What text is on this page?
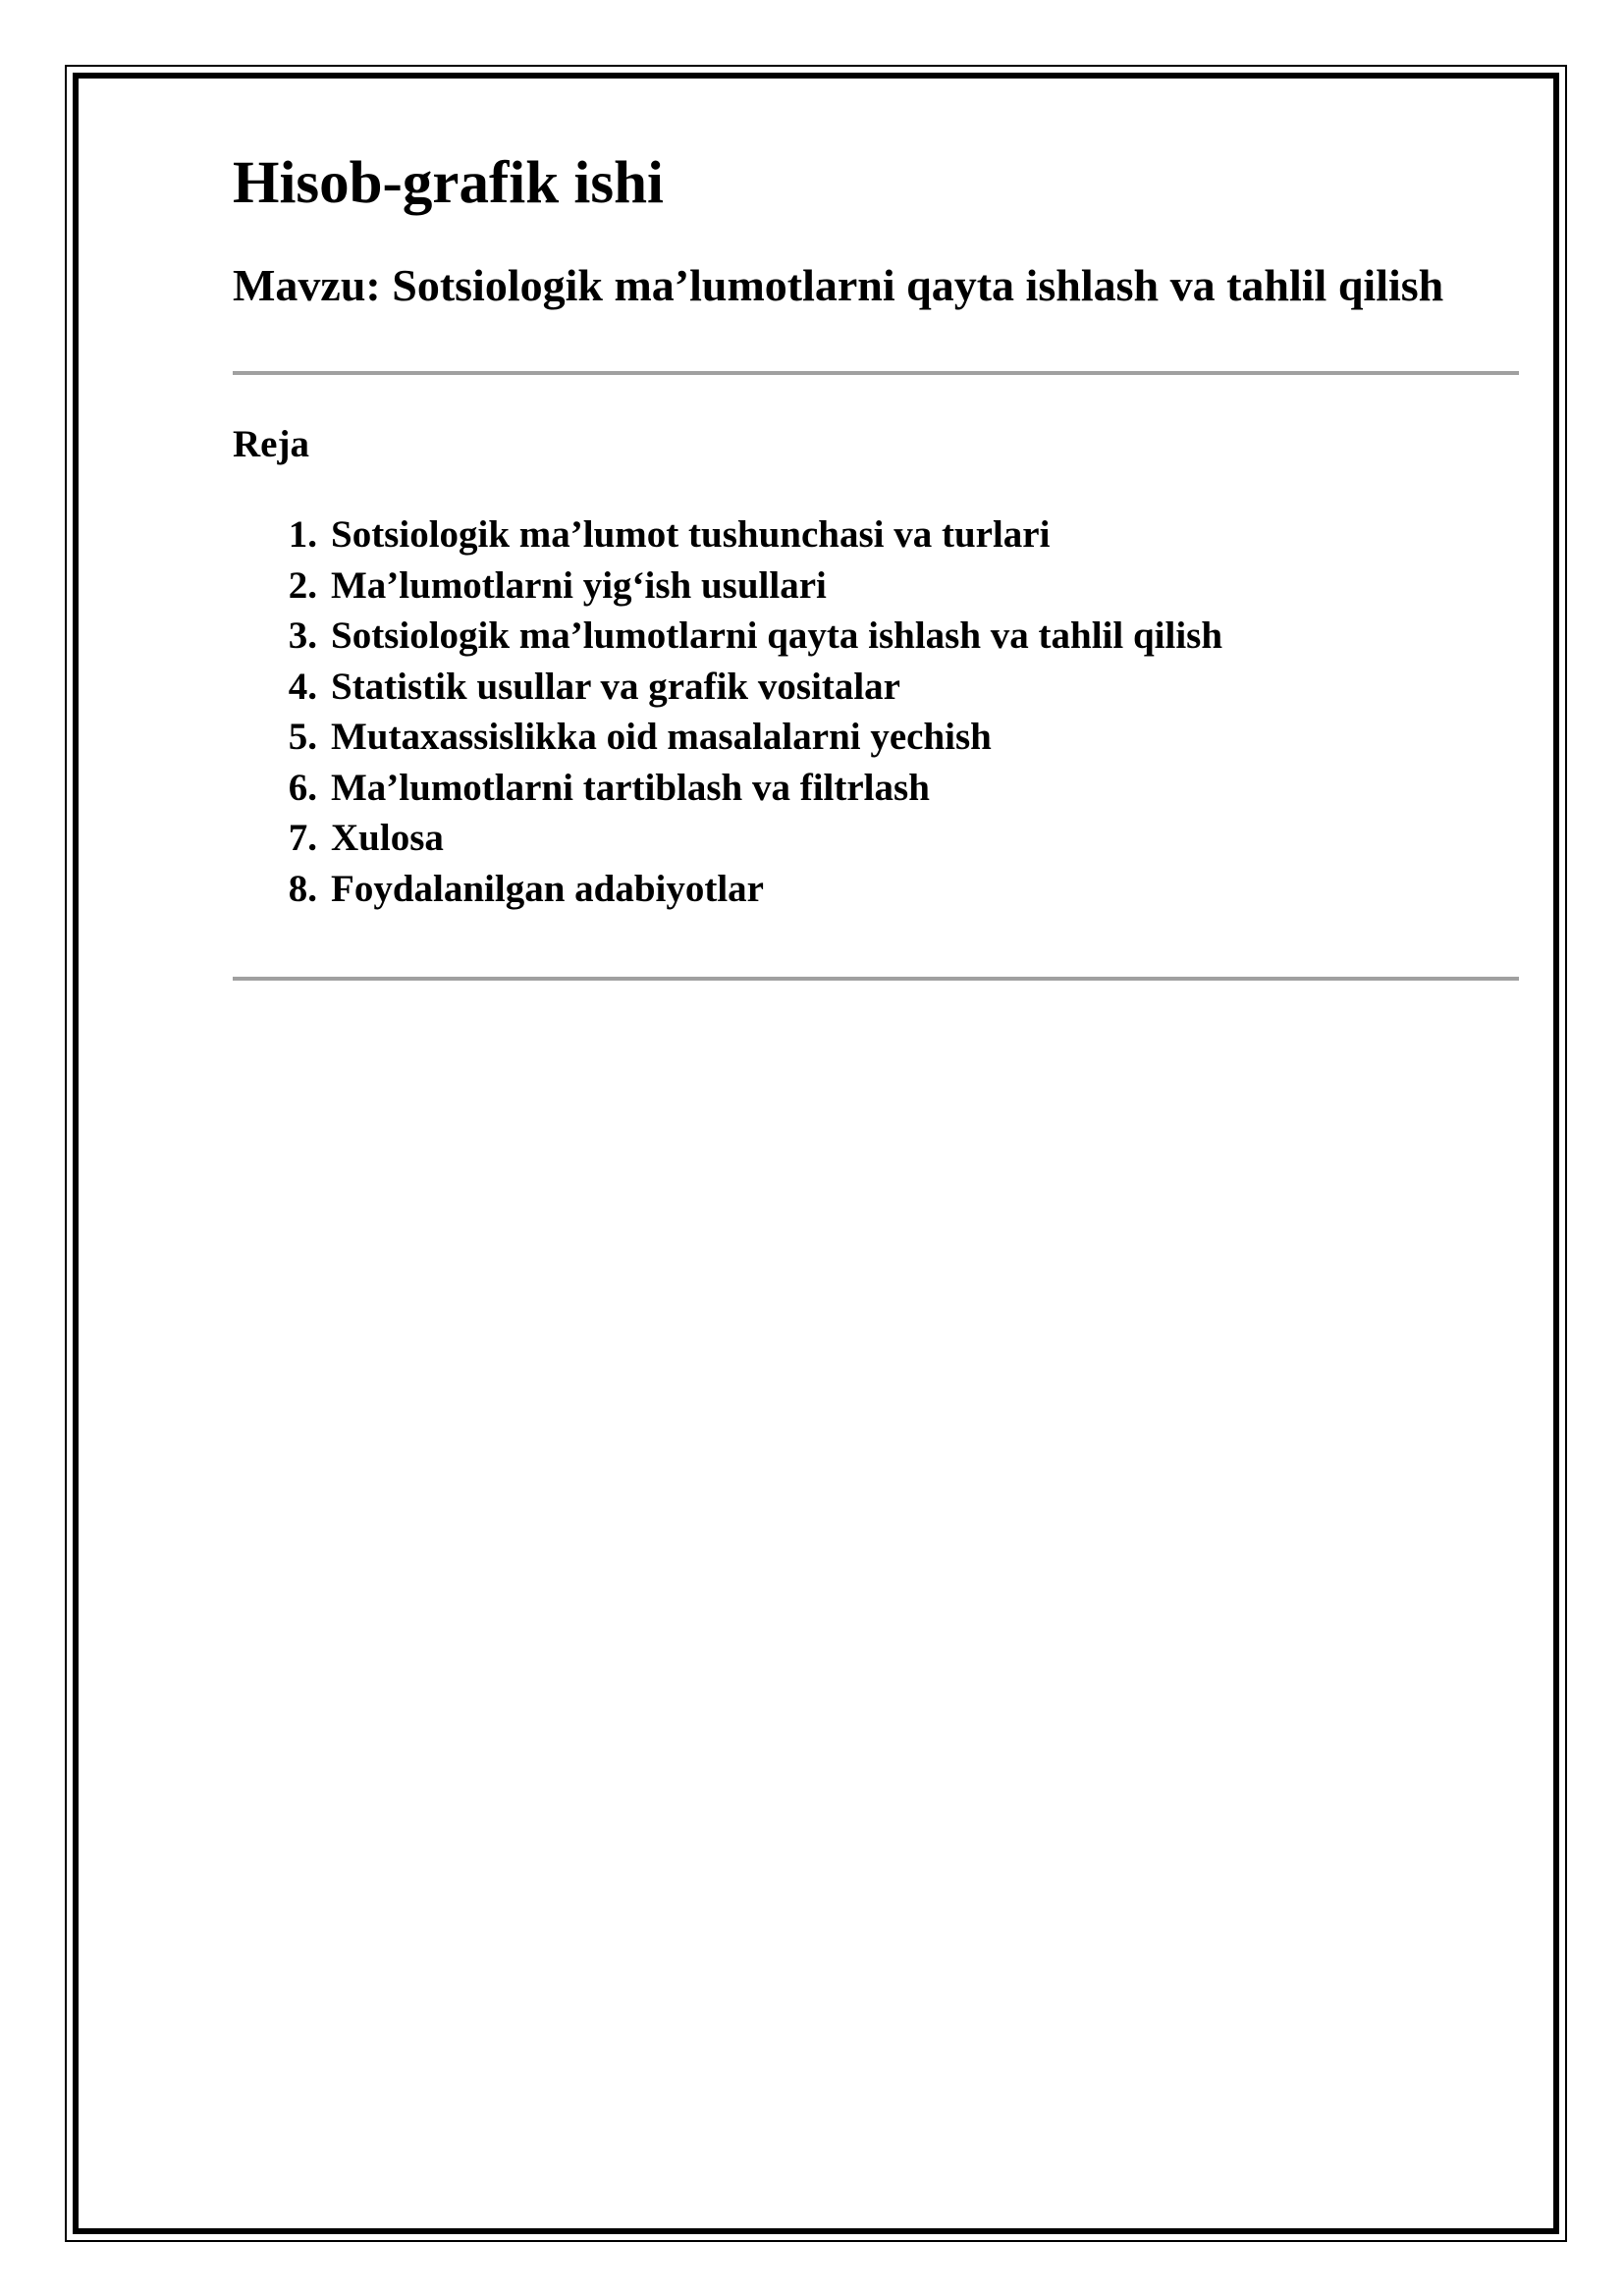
Hisob-grafik ishi
Mavzu: Sotsiologik ma’lumotlarni qayta ishlash va tahlil qilish
Reja
1. Sotsiologik ma’lumot tushunchasi va turlari
2. Ma’lumotlarni yig‘ish usullari
3. Sotsiologik ma’lumotlarni qayta ishlash va tahlil qilish
4. Statistik usullar va grafik vositalar
5. Mutaxassislikka oid masalalarni yechish
6. Ma’lumotlarni tartiblash va filtrlash
7. Xulosa
8. Foydalanilgan adabiyotlar
